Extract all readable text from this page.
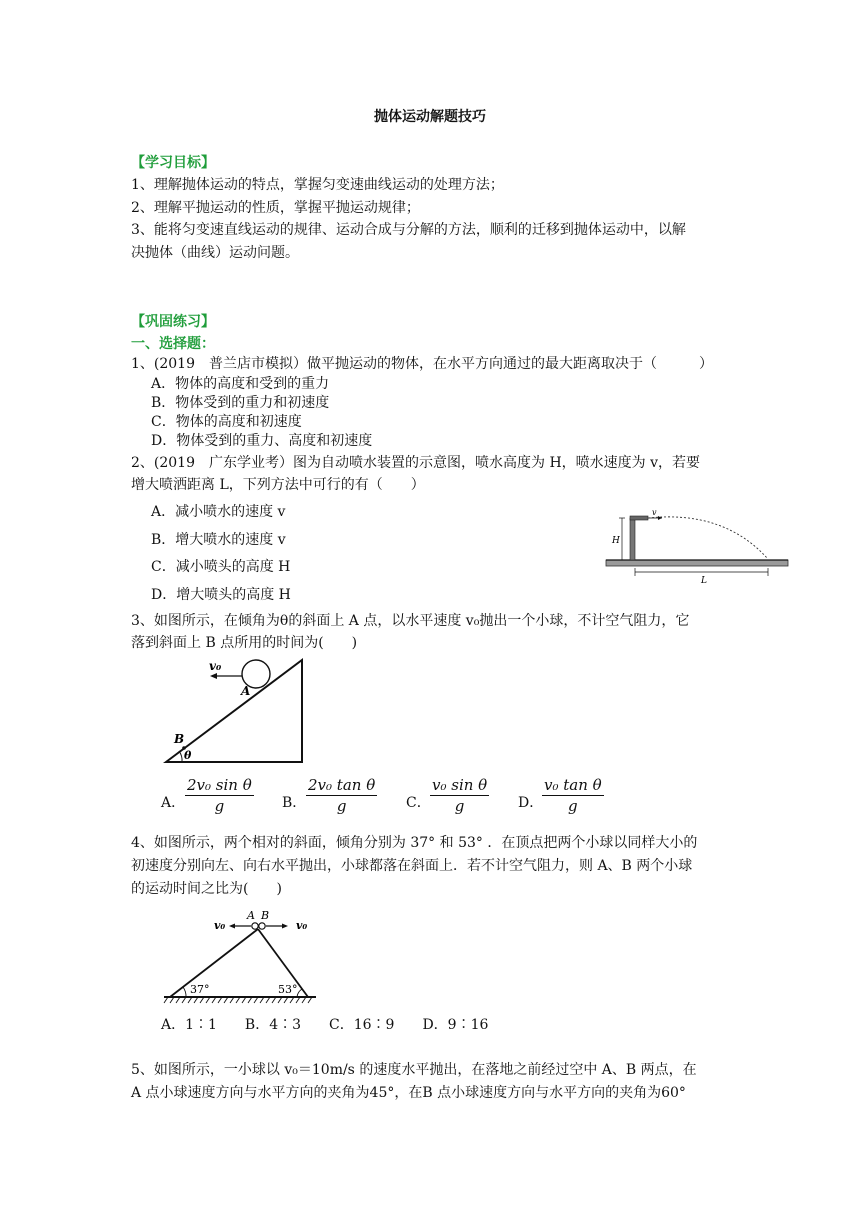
抛体运动解题技巧
【学习目标】
1、理解抛体运动的特点，掌握匀变速曲线运动的处理方法；
2、理解平抛运动的性质，掌握平抛运动规律；
3、能将匀变速直线运动的规律、运动合成与分解的方法，顺利的迁移到抛体运动中，以解
决抛体（曲线）运动问题。
【巩固练习】
一、选择题：
1、(2019　普兰店市模拟）做平抛运动的物体，在水平方向通过的最大距离取决于（　　　）
A．物体的高度和受到的重力
B．物体受到的重力和初速度
C．物体的高度和初速度
D．物体受到的重力、高度和初速度
2、(2019　广东学业考）图为自动喷水装置的示意图，喷水高度为 H，喷水速度为 v，若要
增大喷洒距离 L，下列方法中可行的有（　　）
A．减小喷水的速度 v
B．增大喷水的速度 v
C．减小喷头的高度 H
D．增大喷头的高度 H
H
v
L
3、如图所示，在倾角为θ的斜面上 A 点，以水平速度 v₀抛出一个小球，不计空气阻力，它
落到斜面上 B 点所用的时间为(　　)
v₀
A
B
θ
A． $\frac{\text{2v₀ sin θ}}{g}$ B． $\frac{\text{2v₀ tan θ}}{g}$ C． $\frac{\text{v₀ sin θ}}{g}$ D．
$\frac{\text{v₀ tan θ}}{g}$
4、如图所示，两个相对的斜面，倾角分别为 37° 和 53° ．在顶点把两个小球以同样大小的
初速度分别向左、向右水平抛出，小球都落在斜面上．若不计空气阻力，则 A、B 两个小球
的运动时间之比为(　　)
v₀	v₀
A B
37°	53°
A．1∶1　　B．4∶3　　C．16∶9　　D．9∶16
5、如图所示，一小球以 v₀＝10m/s 的速度水平抛出，在落地之前经过空中 A、B 两点，在
A 点小球速度方向与水平方向的夹角为45°，在B 点小球速度方向与水平方向的夹角为60°
